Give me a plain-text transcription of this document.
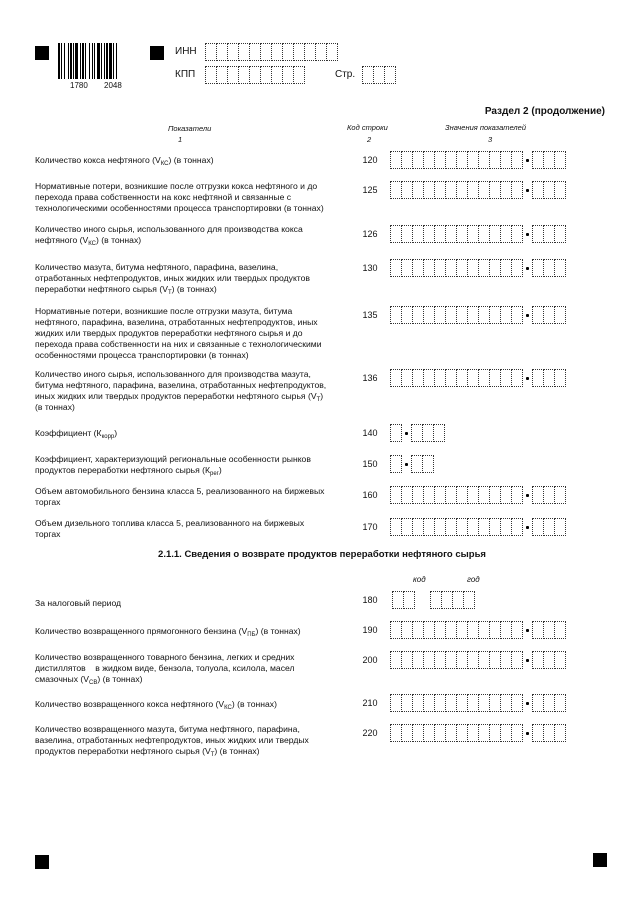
1780 2048
ИНН
КПП	Стр.
Раздел 2 (продолжение)
Показатели	Код строки	Значения показателей
1	2	3
Количество кокса нефтяного $(V_{КС})$ (в тоннах)	120
Нормативные потери, возникшие после отгрузки кокса нефтяного и до
перехода права собственности на кокс нефтяной и связанные с
технологическими особенностями процесса транспортировки (в тоннах)
125
Количество иного сырья, использованного для производства кокса
нефтяного $(V_{КС})$ (в тоннах)
126
Количество мазута, битума нефтяного, парафина, вазелина,
отработанных нефтепродуктов, иных жидких или твердых продуктов
переработки нефтяного сырья $(V_Т)$ (в тоннах)
130
Нормативные потери, возникшие после отгрузки мазута, битума
нефтяного, парафина, вазелина, отработанных нефтепродуктов, иных
жидких или твердых продуктов переработки нефтяного сырья и до
перехода права собственности на них и связанные с технологическими
особенностями процесса транспортировки (в тоннах)
135
Количество иного сырья, использованного для производства мазута,
битума нефтяного, парафина, вазелина, отработанных нефтепродуктов,
иных жидких или твердых продуктов переработки нефтяного сырья $(V_Т)$
(в тоннах)
136
Коэффициент $(К_{корр})$	140
Коэффициент, характеризующий региональные особенности рынков
продуктов переработки нефтяного сырья $(К_{рег})$
150
Объем автомобильного бензина класса 5, реализованного на биржевых
торгах
160
Объем дизельного топлива класса 5, реализованного на биржевых
торгах
170
2.1.1. Сведения о возврате продуктов переработки нефтяного сырья
код	год
За налоговый период	180
Количество возвращенного прямогонного бензина $(V_{ПБ})$ (в тоннах)	190
Количество возвращенного товарного бензина, легких и средних
дистиллятов    в жидком виде, бензола, толуола, ксилола, масел
смазочных $(V_{СВ})$ (в тоннах)
200
Количество возвращенного кокса нефтяного $(V_{КС})$ (в тоннах)	210
Количество возвращенного мазута, битума нефтяного, парафина,
вазелина, отработанных нефтепродуктов, иных жидких или твердых
продуктов переработки нефтяного сырья $(V_Т)$ (в тоннах)
220
